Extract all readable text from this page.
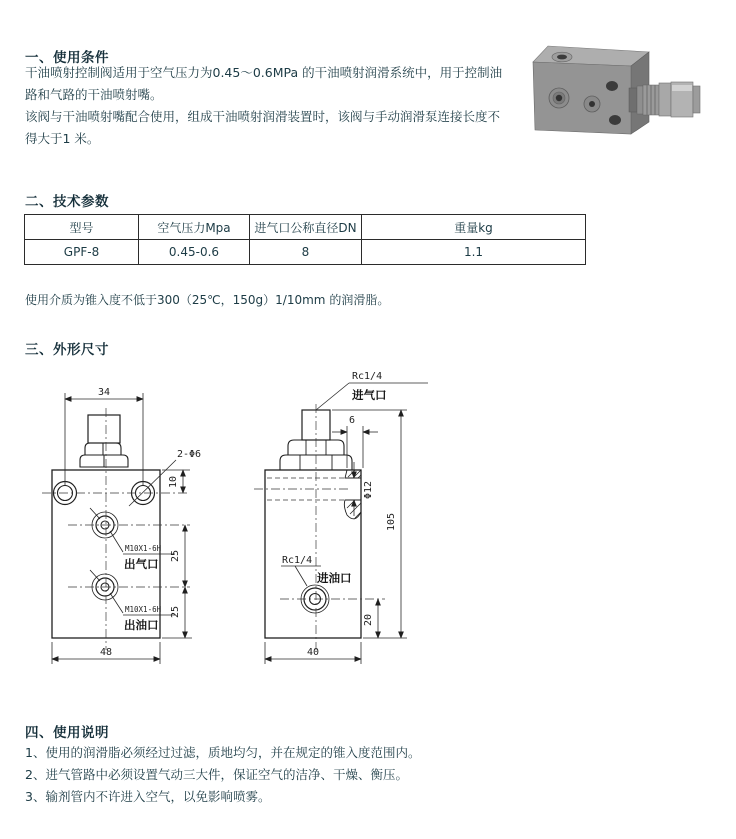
一、使用条件
干油喷射控制阀适用于空气压力为0.45～0.6MPa 的干油喷射润滑系统中，用于控制油
路和气路的干油喷射嘴。
该阀与干油喷射嘴配合使用，组成干油喷射润滑装置时，该阀与手动润滑泵连接长度不
得大于1 米。
二、技术参数
型号	空气压力Mpa	进气口公称直径DN	重量kg
GPF-8	0.45-0.6	8	1.1
使用介质为锥入度不低于300（25℃，150g）1/10mm 的润滑脂。
三、外形尺寸
34
10
2-Φ6
25
25
48
M10X1-6H
出气口
M10X1-6H
出油口
Rc1/4
进气口
6
Φ12
105
Rc1/4
进油口
20
40
四、使用说明
1、使用的润滑脂必须经过过滤，质地均匀，并在规定的锥入度范围内。
2、进气管路中必须设置气动三大件，保证空气的洁净、干燥、衡压。
3、输剂管内不许进入空气，以免影响喷雾。
